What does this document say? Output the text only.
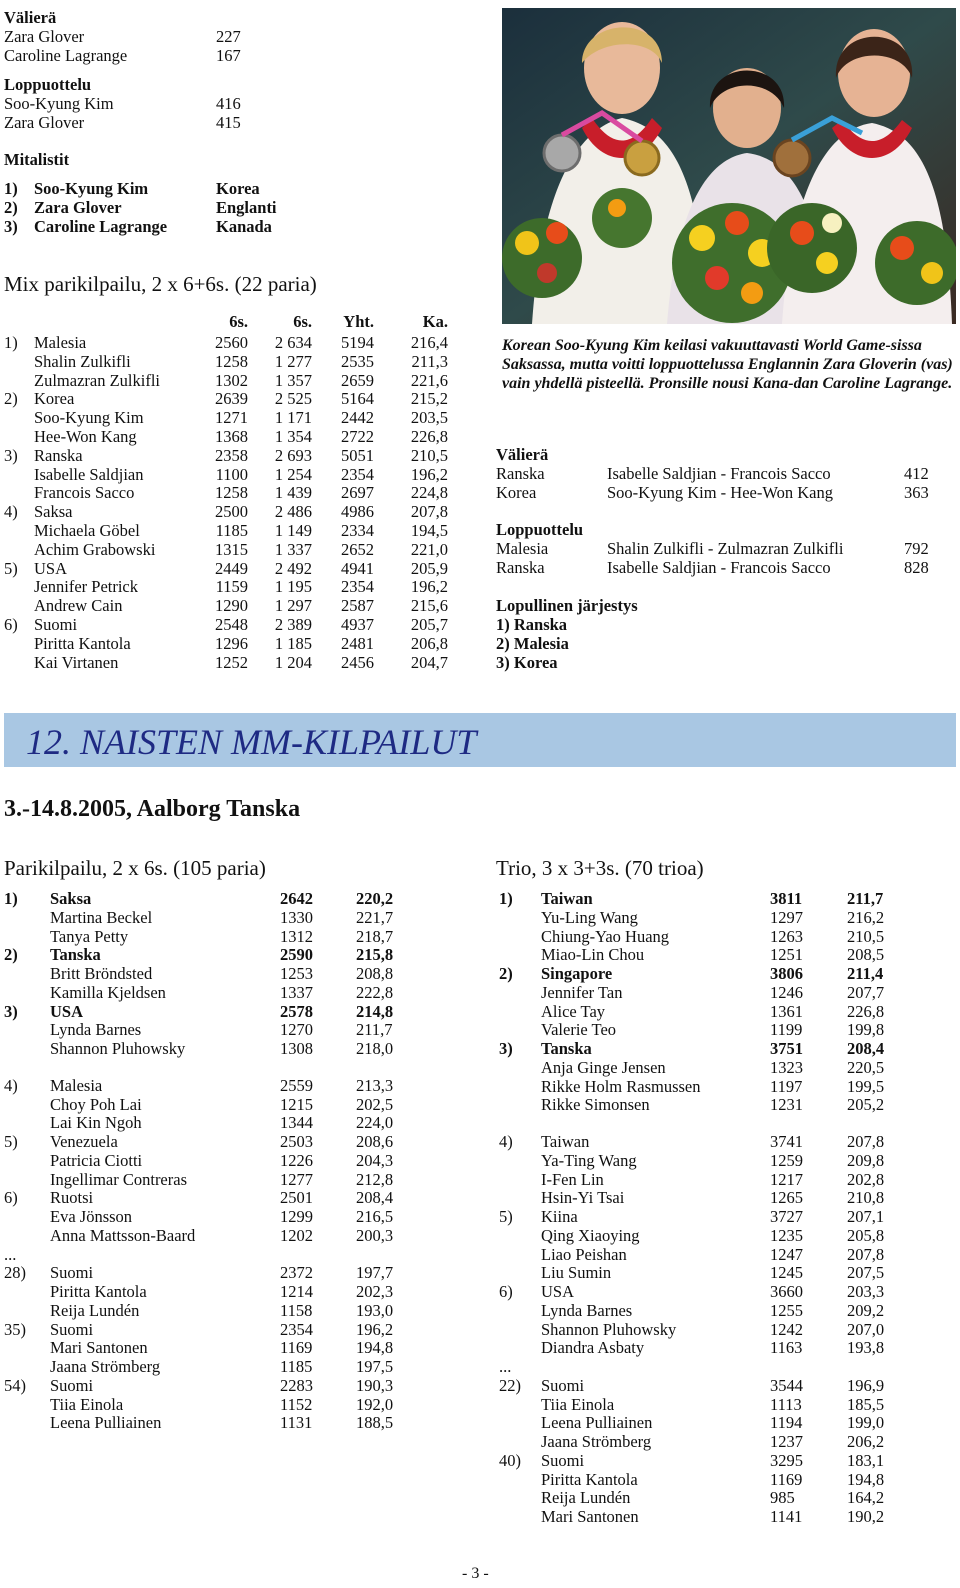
Välierä
Zara Glover	227
Caroline Lagrange	167
Loppuottelu
Soo-Kyung Kim	416
Zara Glover	415
Mitalistit
1) Soo-Kyung Kim	Korea
2) Zara Glover	Englanti
3) Caroline Lagrange	Kanada
Mix parikilpailu, 2 x 6+6s. (22 paria)
6s.	6s.	Yht.	Ka.
1) Malesia	2560	2 634	5194	216,4
Shalin Zulkifli	1258	1 277	2535	211,3
Zulmazran Zulkifli	1302	1 357	2659	221,6
2) Korea	2639	2 525	5164	215,2
Soo-Kyung Kim	1271	1 171	2442	203,5
Hee-Won Kang	1368	1 354	2722	226,8
3) Ranska	2358	2 693	5051	210,5
Isabelle Saldjian	1100	1 254	2354	196,2
Francois Sacco	1258	1 439	2697	224,8
4) Saksa	2500	2 486	4986	207,8
Michaela Göbel	1185	1 149	2334	194,5
Achim Grabowski	1315	1 337	2652	221,0
5) USA	2449	2 492	4941	205,9
Jennifer Petrick	1159	1 195	2354	196,2
Andrew Cain	1290	1 297	2587	215,6
6) Suomi	2548	2 389	4937	205,7
Piritta Kantola	1296	1 185	2481	206,8
Kai Virtanen	1252	1 204	2456	204,7
Korean Soo-Kyung Kim keilasi vakuuttavasti World Game-sissa Saksassa, mutta voitti loppuottelussa Englannin Zara Gloverin (vas) vain yhdellä pisteellä. Pronsille nousi Kana-dan Caroline Lagrange.
Välierä
Ranska	Isabelle Saldjian - Francois Sacco	412
Korea	Soo-Kyung Kim - Hee-Won Kang	363
Loppuottelu
Malesia	Shalin Zulkifli - Zulmazran Zulkifli	792
Ranska	Isabelle Saldjian - Francois Sacco	828
Lopullinen järjestys
1) Ranska
2) Malesia
3) Korea
12. NAISTEN MM-KILPAILUT
3.-14.8.2005, Aalborg Tanska
Parikilpailu, 2 x 6s. (105 paria)	Trio, 3 x 3+3s. (70 trioa)
1) Saksa	2642	220,2
Martina Beckel	1330	221,7
Tanya Petty	1312	218,7
2) Tanska	2590	215,8
Britt Bröndsted	1253	208,8
Kamilla Kjeldsen	1337	222,8
3) USA	2578	214,8
Lynda Barnes	1270	211,7
Shannon Pluhowsky	1308	218,0
4) Malesia	2559	213,3
Choy Poh Lai	1215	202,5
Lai Kin Ngoh	1344	224,0
5) Venezuela	2503	208,6
Patricia Ciotti	1226	204,3
Ingellimar Contreras	1277	212,8
6) Ruotsi	2501	208,4
Eva Jönsson	1299	216,5
Anna Mattsson-Baard	1202	200,3
...
28) Suomi	2372	197,7
Piritta Kantola	1214	202,3
Reija Lundén	1158	193,0
35) Suomi	2354	196,2
Mari Santonen	1169	194,8
Jaana Strömberg	1185	197,5
54) Suomi	2283	190,3
Tiia Einola	1152	192,0
Leena Pulliainen	1131	188,5
1) Taiwan	3811	211,7
Yu-Ling Wang	1297	216,2
Chiung-Yao Huang	1263	210,5
Miao-Lin Chou	1251	208,5
2) Singapore	3806	211,4
Jennifer Tan	1246	207,7
Alice Tay	1361	226,8
Valerie Teo	1199	199,8
3) Tanska	3751	208,4
Anja Ginge Jensen	1323	220,5
Rikke Holm Rasmussen	1197	199,5
Rikke Simonsen	1231	205,2
4) Taiwan	3741	207,8
Ya-Ting Wang	1259	209,8
I-Fen Lin	1217	202,8
Hsin-Yi Tsai	1265	210,8
5) Kiina	3727	207,1
Qing Xiaoying	1235	205,8
Liao Peishan	1247	207,8
Liu Sumin	1245	207,5
6) USA	3660	203,3
Lynda Barnes	1255	209,2
Shannon Pluhowsky	1242	207,0
Diandra Asbaty	1163	193,8
...
22) Suomi	3544	196,9
Tiia Einola	1113	185,5
Leena Pulliainen	1194	199,0
Jaana Strömberg	1237	206,2
40) Suomi	3295	183,1
Piritta Kantola	1169	194,8
Reija Lundén	985	164,2
Mari Santonen	1141	190,2
- 3 -
